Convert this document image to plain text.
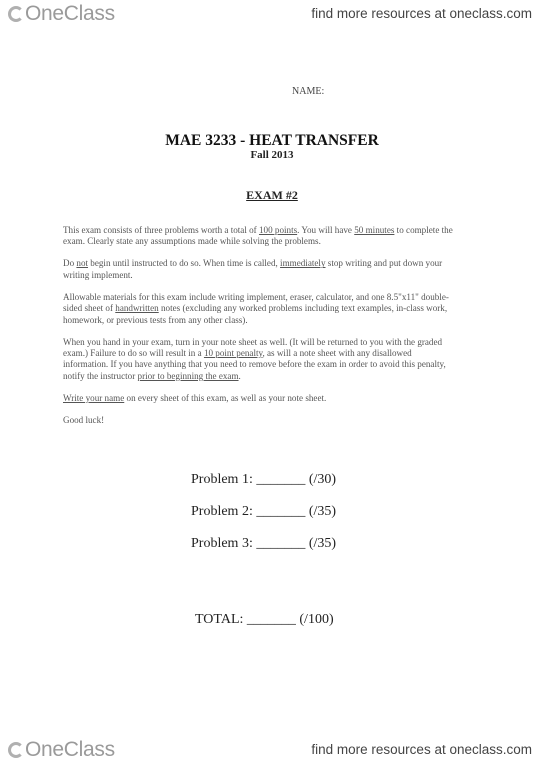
OneClass	find more resources at oneclass.com
NAME:
MAE 3233 - HEAT TRANSFER
Fall 2013
EXAM #2

This exam consists of three problems worth a total of 100 points. You will have 50 minutes to complete the exam. Clearly state any assumptions made while solving the problems.

Do not begin until instructed to do so. When time is called, immediately stop writing and put down your writing implement.

Allowable materials for this exam include writing implement, eraser, calculator, and one 8.5"x11" double-sided sheet of handwritten notes (excluding any worked problems including text examples, in-class work, homework, or previous tests from any other class).

When you hand in your exam, turn in your note sheet as well. (It will be returned to you with the graded exam.) Failure to do so will result in a 10 point penalty, as will a note sheet with any disallowed information. If you have anything that you need to remove before the exam in order to avoid this penalty, notify the instructor prior to beginning the exam.

Write your name on every sheet of this exam, as well as your note sheet.

Good luck!

Problem 1: _______ (/30)
Problem 2: _______ (/35)
Problem 3: _______ (/35)
TOTAL: _______ (/100)
OneClass	find more resources at oneclass.com
